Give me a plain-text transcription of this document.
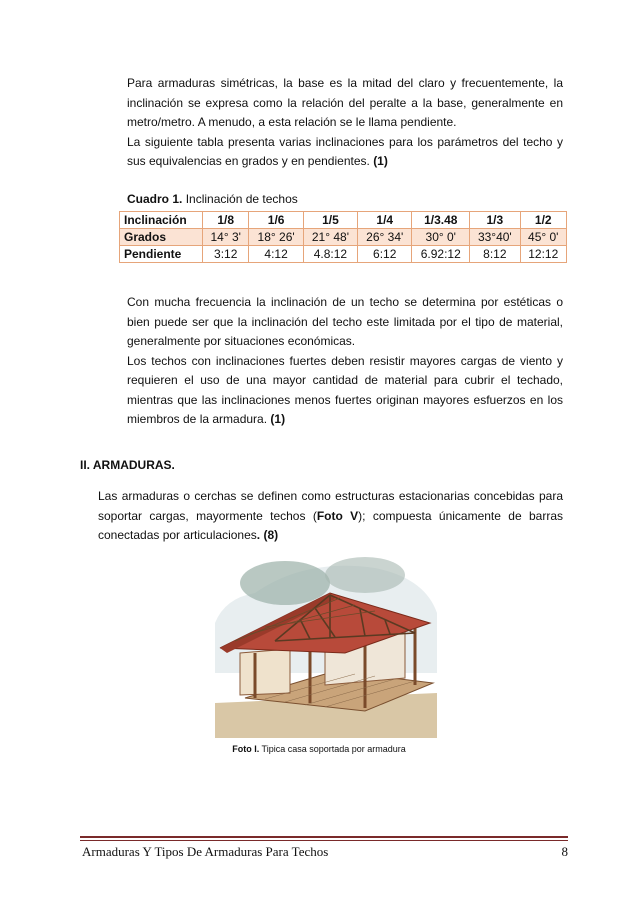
Para armaduras simétricas, la base es la mitad del claro y frecuentemente, la inclinación se expresa como la relación del peralte a la base, generalmente en metro/metro. A menudo, a esta relación se le llama pendiente.

La siguiente tabla presenta varias inclinaciones para los parámetros del techo y sus equivalencias en grados y en pendientes. (1)

Cuadro 1. Inclinación de techos
Inclinación	1/8	1/6	1/5	1/4	1/3.48	1/3	1/2
Grados	14° 3'	18° 26'	21° 48'	26° 34'	30° 0'	33°40'	45° 0'
Pendiente	3:12	4:12	4.8:12	6:12	6.92:12	8:12	12:12

Con mucha frecuencia la inclinación de un techo se determina por estéticas o bien puede ser que la inclinación del techo este limitada por el tipo de material, generalmente por situaciones económicas.

Los techos con inclinaciones fuertes deben resistir mayores cargas de viento y requieren el uso de una mayor cantidad de material para cubrir el techado, mientras que las inclinaciones menos fuertes originan mayores esfuerzos en los miembros de la armadura. (1)

II. ARMADURAS.

Las armaduras o cerchas se definen como estructuras estacionarias concebidas para soportar cargas, mayormente techos (Foto V); compuesta únicamente de barras conectadas por articulaciones. (8)

Foto I. Tipica casa soportada por armadura
Armaduras Y Tipos De Armaduras Para Techos	8
